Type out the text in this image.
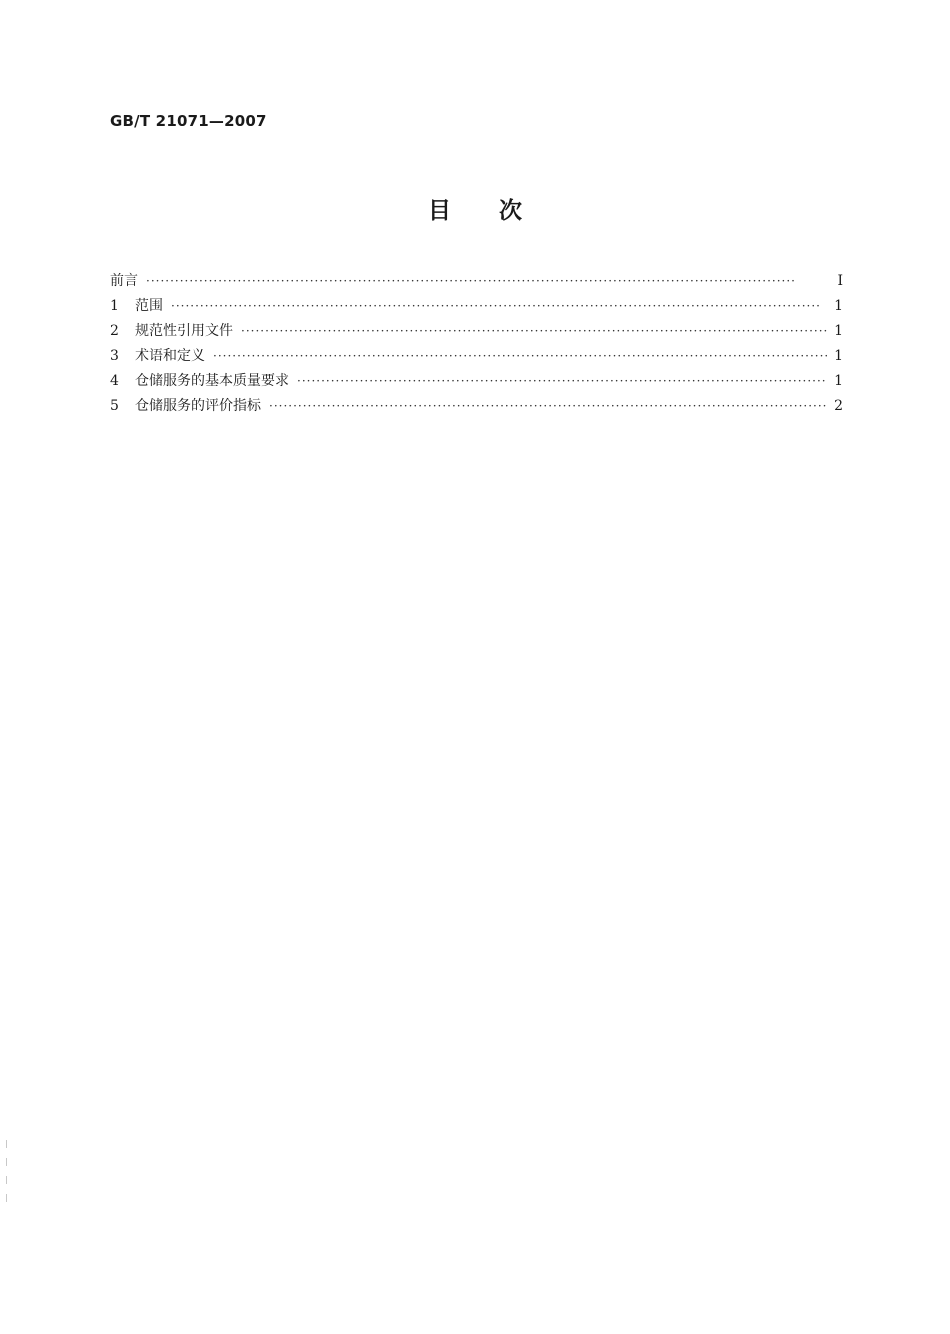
GB/T 21071—2007
目次
前言 ·····	I
1	范围 ·····	1
2	规范性引用文件 ·····	1
3	术语和定义 ·····	1
4	仓储服务的基本质量要求 ·····	1
5	仓储服务的评价指标 ·····	2
